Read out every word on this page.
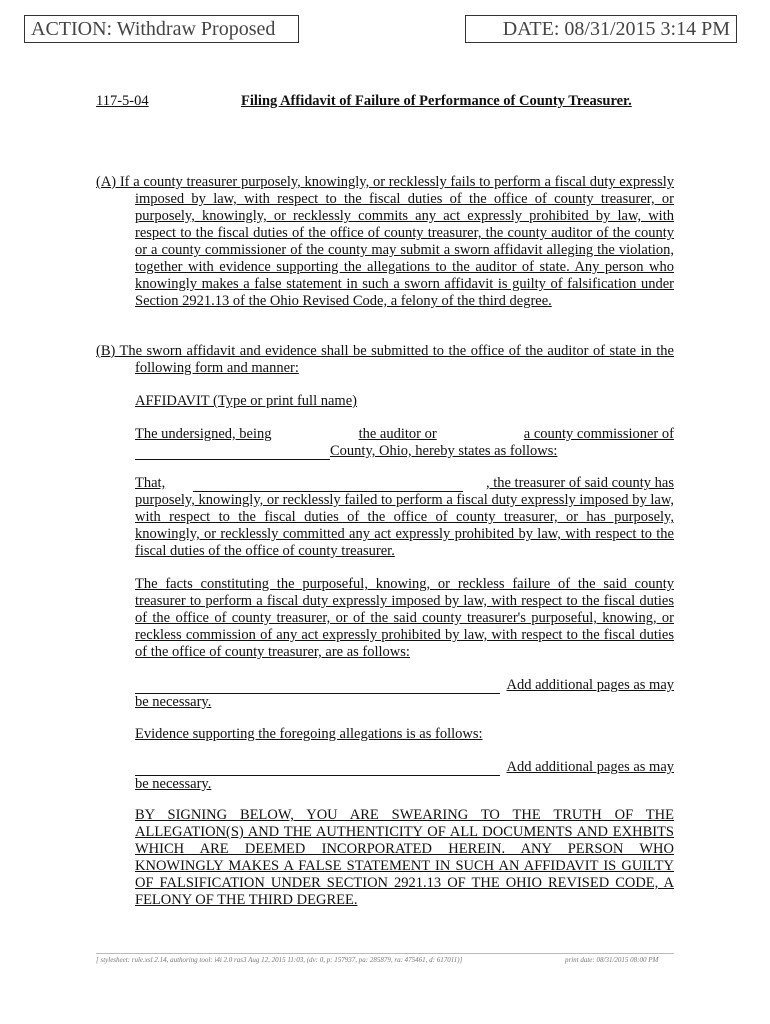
ACTION: Withdraw Proposed	DATE: 08/31/2015 3:14 PM
117-5-04	Filing Affidavit of Failure of Performance of County Treasurer.
(A) If a county treasurer purposely, knowingly, or recklessly fails to perform a fiscal duty expressly imposed by law, with respect to the fiscal duties of the office of county treasurer, or purposely, knowingly, or recklessly commits any act expressly prohibited by law, with respect to the fiscal duties of the office of county treasurer, the county auditor of the county or a county commissioner of the county may submit a sworn affidavit alleging the violation, together with evidence supporting the allegations to the auditor of state. Any person who knowingly makes a false statement in such a sworn affidavit is guilty of falsification under Section 2921.13 of the Ohio Revised Code, a felony of the third degree.
(B) The sworn affidavit and evidence shall be submitted to the office of the auditor of state in the following form and manner:
AFFIDAVIT (Type or print full name)
The undersigned, being	the auditor or	a county commissioner of
County, Ohio, hereby states as follows:
That,	, the treasurer of said county has
purposely, knowingly, or recklessly failed to perform a fiscal duty expressly imposed by law, with respect to the fiscal duties of the office of county treasurer, or has purposely, knowingly, or recklessly committed any act expressly prohibited by law, with respect to the fiscal duties of the office of county treasurer.
The facts constituting the purposeful, knowing, or reckless failure of the said county treasurer to perform a fiscal duty expressly imposed by law, with respect to the fiscal duties of the office of county treasurer, or of the said county treasurer's purposeful, knowing, or reckless commission of any act expressly prohibited by law, with respect to the fiscal duties of the office of county treasurer, are as follows:
Add additional pages as may
be necessary.
Evidence supporting the foregoing allegations is as follows:
Add additional pages as may
be necessary.
BY SIGNING BELOW, YOU ARE SWEARING TO THE TRUTH OF THE ALLEGATION(S) AND THE AUTHENTICITY OF ALL DOCUMENTS AND EXHBITS WHICH ARE DEEMED INCORPORATED HEREIN. ANY PERSON WHO KNOWINGLY MAKES A FALSE STATEMENT IN SUCH AN AFFIDAVIT IS GUILTY OF FALSIFICATION UNDER SECTION 2921.13 OF THE OHIO REVISED CODE, A FELONY OF THE THIRD DEGREE.
[ stylesheet: rule.xsl 2.14, authoring tool: i4i 2.0 ras3 Aug 12, 2015 11:03, (dv: 0, p: 157937, pa: 285879, ra: 475461, d: 617011)]	print date: 08/31/2015 08:00 PM
